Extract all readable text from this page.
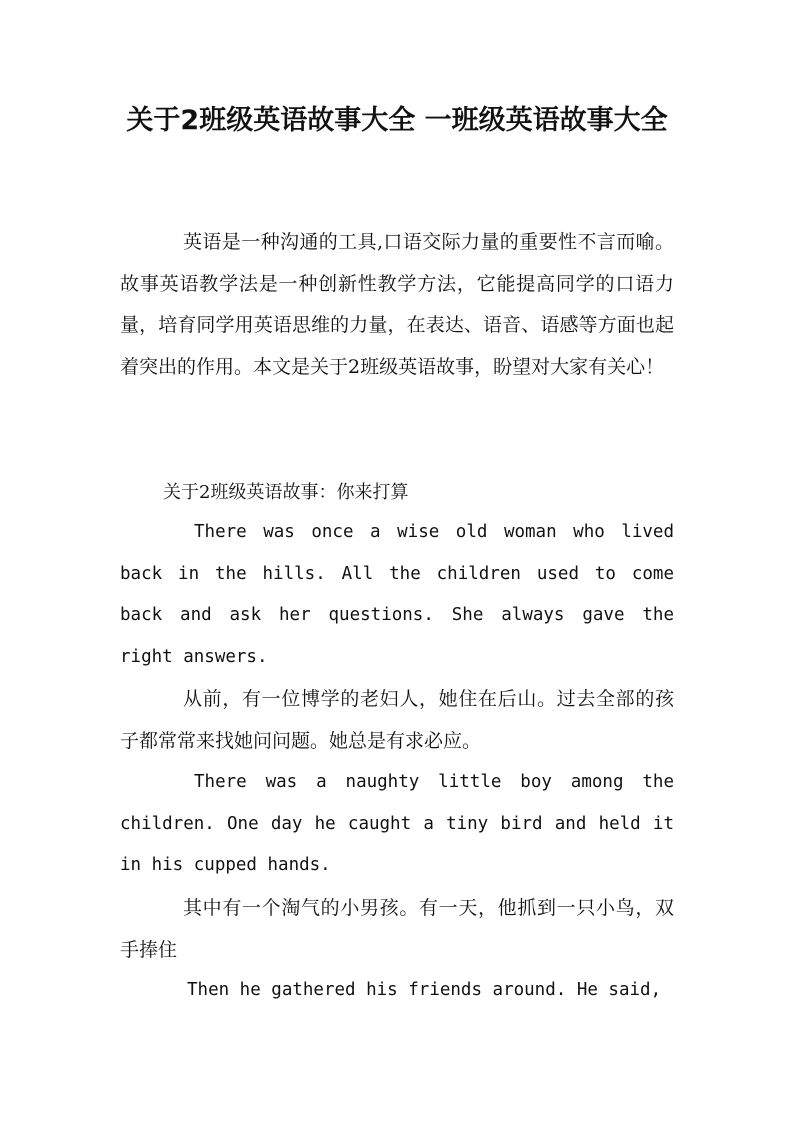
关于2班级英语故事大全 一班级英语故事大全

英语是一种沟通的工具,口语交际力量的重要性不言而喻。故事英语教学法是一种创新性教学方法，它能提高同学的口语力量，培育同学用英语思维的力量，在表达、语音、语感等方面也起着突出的作用。本文是关于2班级英语故事，盼望对大家有关心！

关于2班级英语故事：你来打算

There was once a wise old woman who lived back in the hills. All the children used to come back and ask her questions. She always gave the right answers.

从前，有一位博学的老妇人，她住在后山。过去全部的孩子都常常来找她问问题。她总是有求必应。

There was a naughty little boy among the children. One day he caught a tiny bird and held it in his cupped hands.

其中有一个淘气的小男孩。有一天，他抓到一只小鸟，双手捧住

Then he gathered his friends around. He said,
